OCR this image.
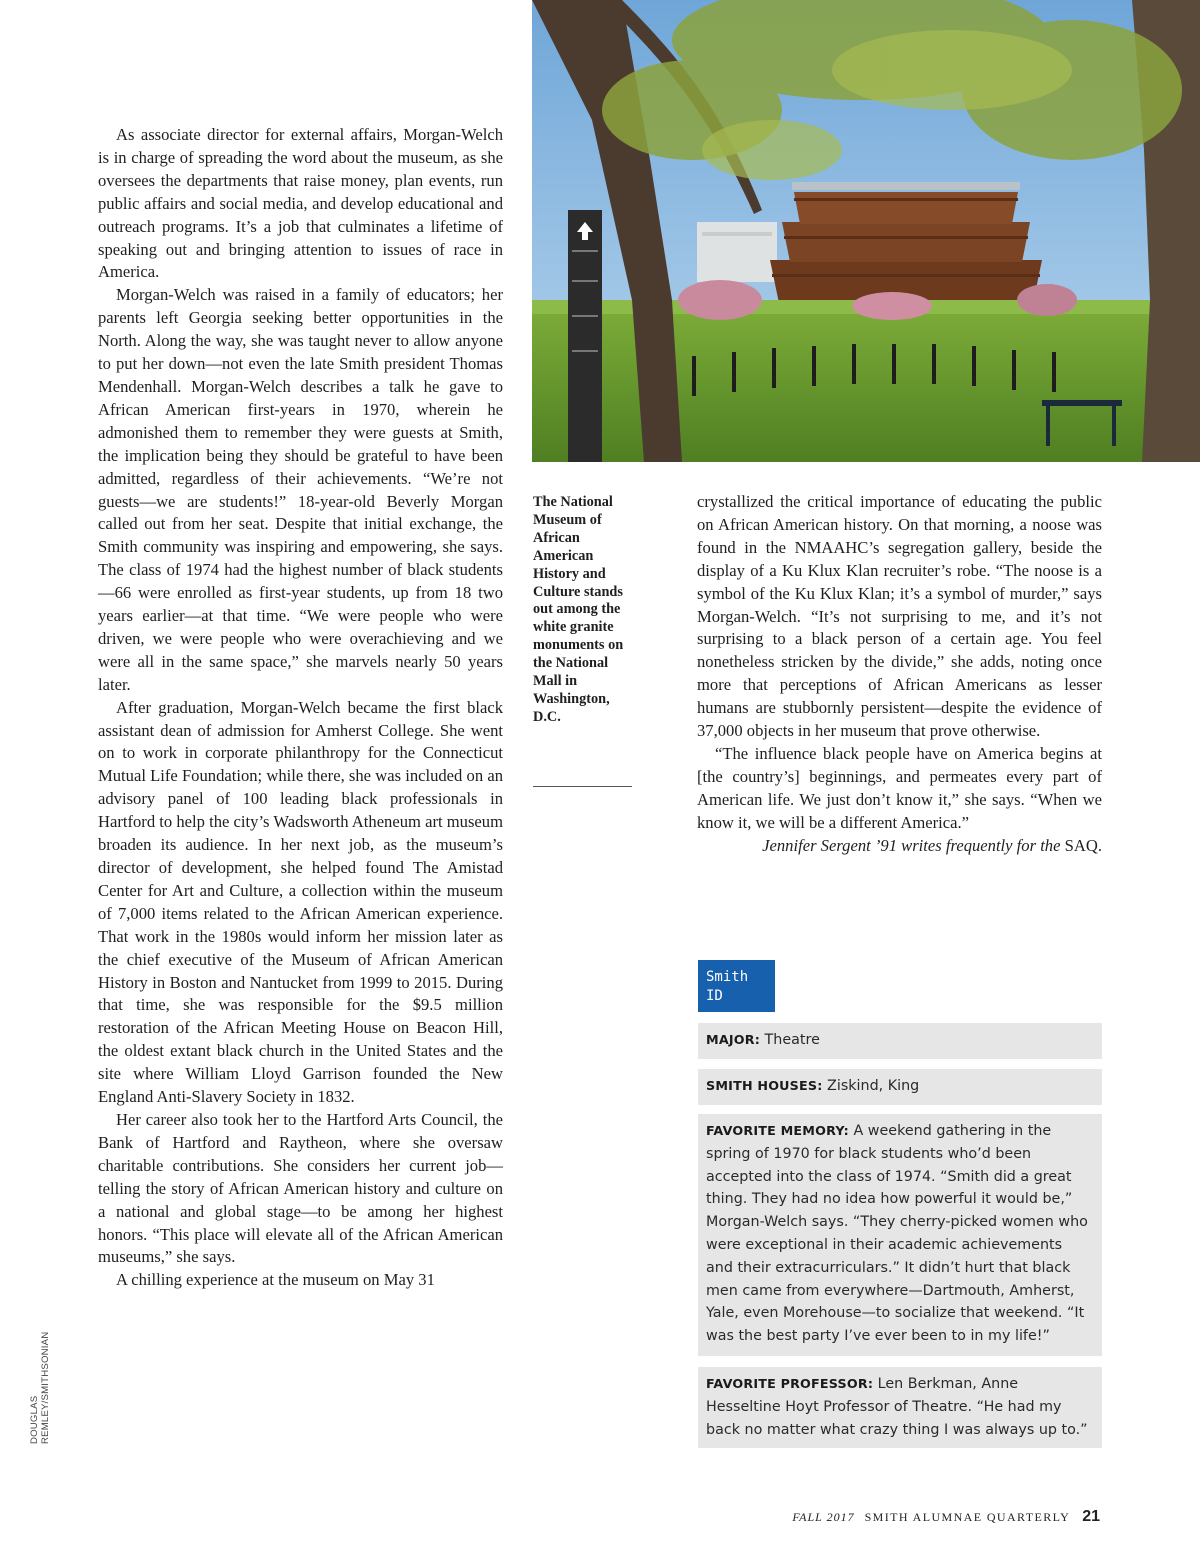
As associate director for external affairs, Morgan-Welch is in charge of spreading the word about the museum, as she oversees the departments that raise money, plan events, run public affairs and social media, and develop educational and outreach programs. It’s a job that culminates a lifetime of speaking out and bringing attention to issues of race in America.

Morgan-Welch was raised in a family of educators; her parents left Georgia seeking better opportunities in the North. Along the way, she was taught never to allow anyone to put her down—not even the late Smith president Thomas Mendenhall. Morgan-Welch describes a talk he gave to African American first-years in 1970, wherein he admonished them to remember they were guests at Smith, the implication being they should be grateful to have been admitted, regardless of their achievements. “We’re not guests—we are students!” 18-year-old Beverly Morgan called out from her seat. Despite that initial exchange, the Smith community was inspiring and empowering, she says. The class of 1974 had the highest number of black students—66 were enrolled as first-year students, up from 18 two years earlier—at that time. “We were people who were driven, we were people who were overachieving and we were all in the same space,” she marvels nearly 50 years later.

After graduation, Morgan-Welch became the first black assistant dean of admission for Amherst College. She went on to work in corporate philanthropy for the Connecticut Mutual Life Foundation; while there, she was included on an advisory panel of 100 leading black professionals in Hartford to help the city’s Wadsworth Atheneum art museum broaden its audience. In her next job, as the museum’s director of development, she helped found The Amistad Center for Art and Culture, a collection within the museum of 7,000 items related to the African American experience. That work in the 1980s would inform her mission later as the chief executive of the Museum of African American History in Boston and Nantucket from 1999 to 2015. During that time, she was responsible for the $9.5 million restoration of the African Meeting House on Beacon Hill, the oldest extant black church in the United States and the site where William Lloyd Garrison founded the New England Anti-Slavery Society in 1832.

Her career also took her to the Hartford Arts Council, the Bank of Hartford and Raytheon, where she oversaw charitable contributions. She considers her current job—telling the story of African American history and culture on a national and global stage—to be among her highest honors. “This place will elevate all of the African American museums,” she says.

A chilling experience at the museum on May 31

The National Museum of African American History and Culture stands out among the white granite monuments on the National Mall in Washington, D.C.

crystallized the critical importance of educating the public on African American history. On that morning, a noose was found in the NMAAHC’s segregation gallery, beside the display of a Ku Klux Klan recruiter’s robe. “The noose is a symbol of the Ku Klux Klan; it’s a symbol of murder,” says Morgan-Welch. “It’s not surprising to me, and it’s not surprising to a black person of a certain age. You feel nonetheless stricken by the divide,” she adds, noting once more that perceptions of African Americans as lesser humans are stubbornly persistent—despite the evidence of 37,000 objects in her museum that prove otherwise.

“The influence black people have on America begins at [the country’s] beginnings, and permeates every part of American life. We just don’t know it,” she says. “When we know it, we will be a different America.”

Jennifer Sergent ’91 writes frequently for the SAQ.

Smith ID
MAJOR: Theatre
SMITH HOUSES: Ziskind, King
FAVORITE MEMORY: A weekend gathering in the spring of 1970 for black students who’d been accepted into the class of 1974. “Smith did a great thing. They had no idea how powerful it would be,” Morgan-Welch says. “They cherry-picked women who were exceptional in their academic achievements and their extracurriculars.” It didn’t hurt that black men came from everywhere—Dartmouth, Amherst, Yale, even Morehouse—to socialize that weekend. “It was the best party I’ve ever been to in my life!”
FAVORITE PROFESSOR: Len Berkman, Anne Hesseltine Hoyt Professor of Theatre. “He had my back no matter what crazy thing I was always up to.”
DOUGLAS REMLEY/SMITHSONIAN
FALL 2017 SMITH ALUMNAE QUARTERLY 21
